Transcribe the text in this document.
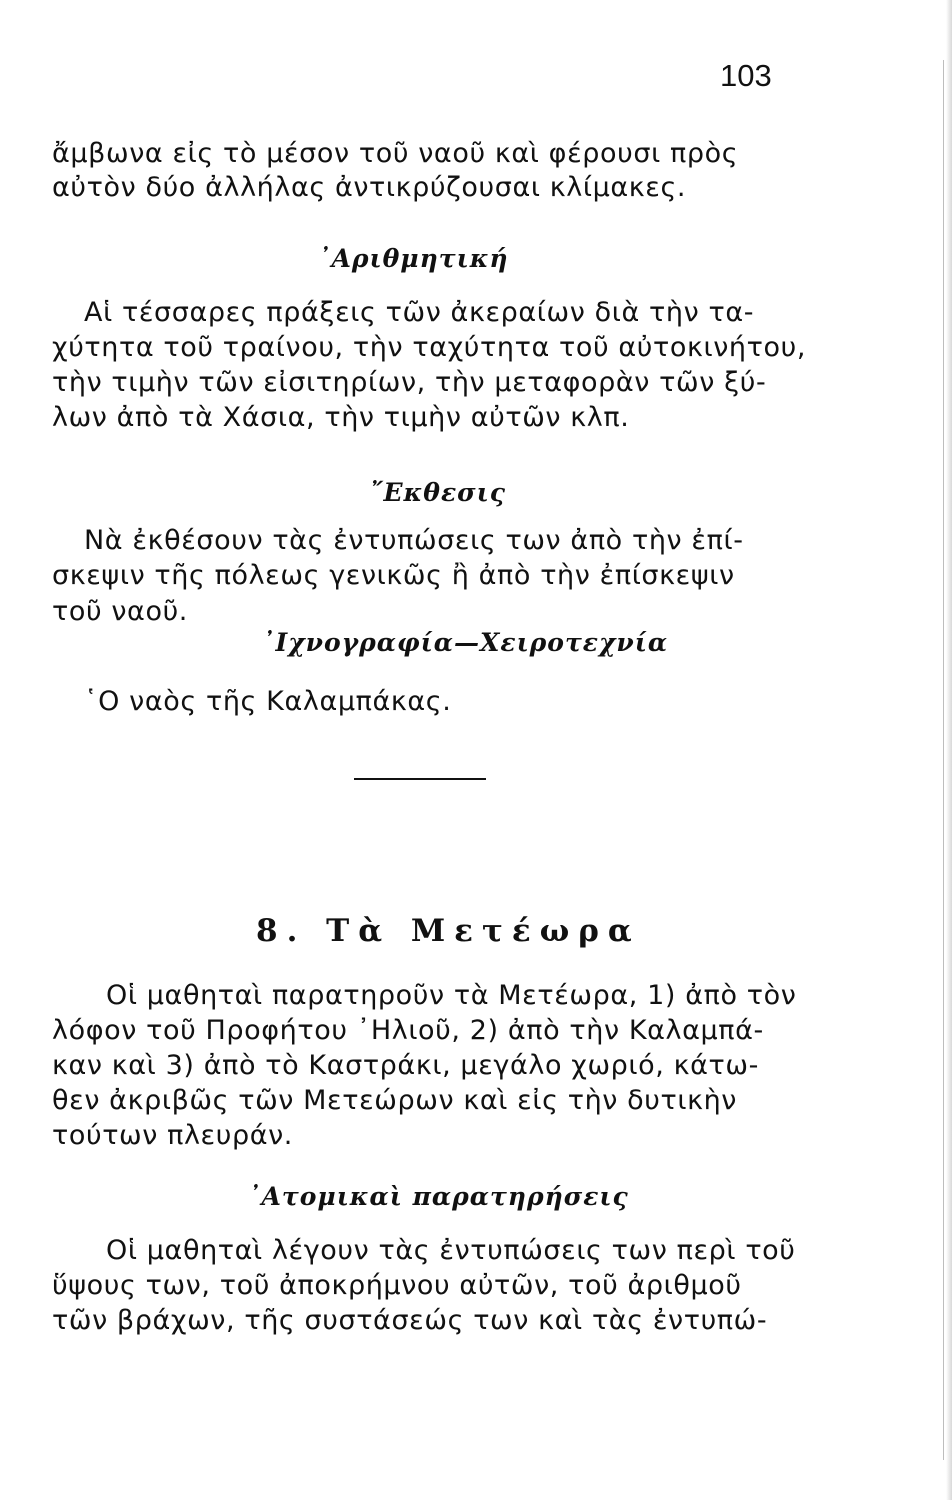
103
ἄμβωνα εἰς τὸ μέσον τοῦ ναοῦ καὶ φέρουσι πρὸς
αὐτὸν δύο ἀλλήλας ἀντικρύζουσαι κλίμακες.
᾿Αριθμητική
Αἱ τέσσαρες πράξεις τῶν ἀκεραίων διὰ τὴν τα-
χύτητα τοῦ τραίνου, τὴν ταχύτητα τοῦ αὐτοκινήτου,
τὴν τιμὴν τῶν εἰσιτηρίων, τὴν μεταφορὰν τῶν ξύ-
λων ἀπὸ τὰ Χάσια, τὴν τιμὴν αὐτῶν κλπ.
῎Εκθεσις
Νὰ ἐκθέσουν τὰς ἐντυπώσεις των ἀπὸ τὴν ἐπί-
σκεψιν τῆς πόλεως γενικῶς ἢ ἀπὸ τὴν ἐπίσκεψιν
τοῦ ναοῦ.
᾿Ιχνογραφία—Χειροτεχνία
῾Ο ναὸς τῆς Καλαμπάκας.
8. Τὰ Μετέωρα
Οἱ μαθηταὶ παρατηροῦν τὰ Μετέωρα, 1) ἀπὸ τὸν
λόφον τοῦ Προφήτου ᾿Ηλιοῦ, 2) ἀπὸ τὴν Καλαμπά-
καν καὶ 3) ἀπὸ τὸ Καστράκι, μεγάλο χωριό, κάτω-
θεν ἀκριβῶς τῶν Μετεώρων καὶ εἰς τὴν δυτικὴν
τούτων πλευράν.
᾿Ατομικαὶ παρατηρήσεις
Οἱ μαθηταὶ λέγουν τὰς ἐντυπώσεις των περὶ τοῦ
ὕψους των, τοῦ ἀποκρήμνου αὐτῶν, τοῦ ἀριθμοῦ
τῶν βράχων, τῆς συστάσεώς των καὶ τὰς ἐντυπώ-
